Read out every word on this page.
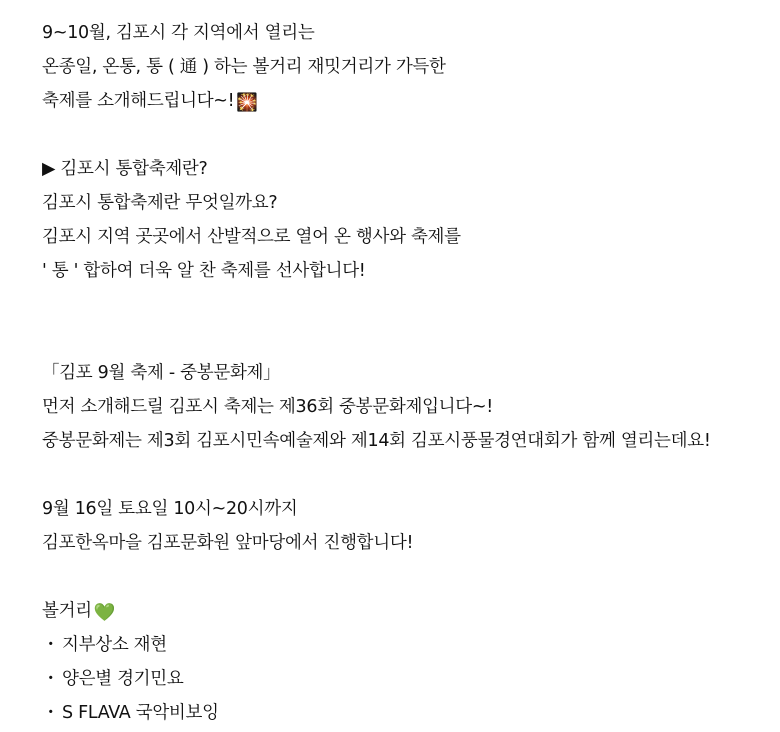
9~10월, 김포시 각 지역에서 열리는
온종일, 온통, 통 ( 通 ) 하는 볼거리 재밋거리가 가득한
축제를 소개해드립니다~! 🎇
▶ 김포시 통합축제란?
김포시 통합축제란 무엇일까요?
김포시 지역 곳곳에서 산발적으로 열어 온 행사와 축제를
' 통 ' 합하여 더욱 알 찬 축제를 선사합니다!
「김포 9월 축제 - 중봉문화제」
먼저 소개해드릴 김포시 축제는 제36회 중봉문화제입니다~!
중봉문화제는 제3회 김포시민속예술제와 제14회 김포시풍물경연대회가 함께 열리는데요!
9월 16일 토요일 10시~20시까지
김포한옥마을 김포문화원 앞마당에서 진행합니다!
볼거리 💚
・ 지부상소 재현
・ 양은별 경기민요
・ S FLAVA 국악비보잉
